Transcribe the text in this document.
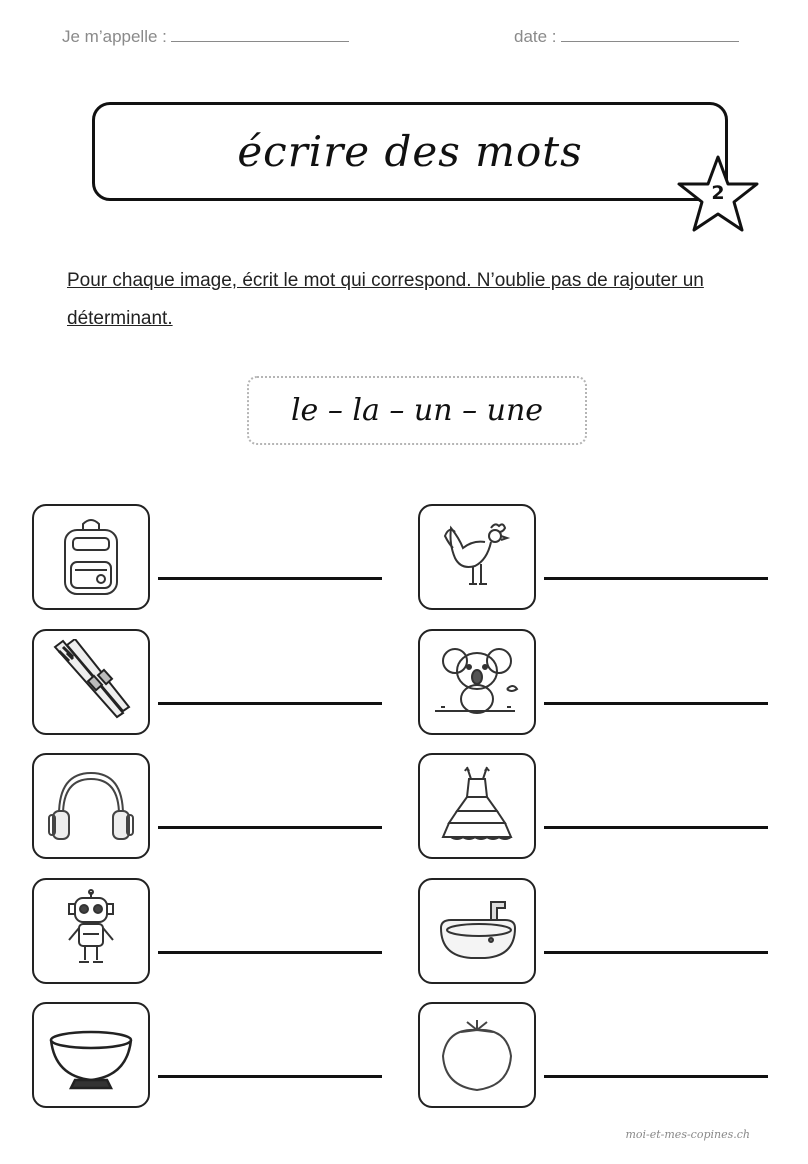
Je m’appelle :	date :
écrire des mots
2
Pour chaque image, écrit le mot qui correspond. N’oublie pas de rajouter un déterminant.
le – la – un – une
moi-et-mes-copines.ch
